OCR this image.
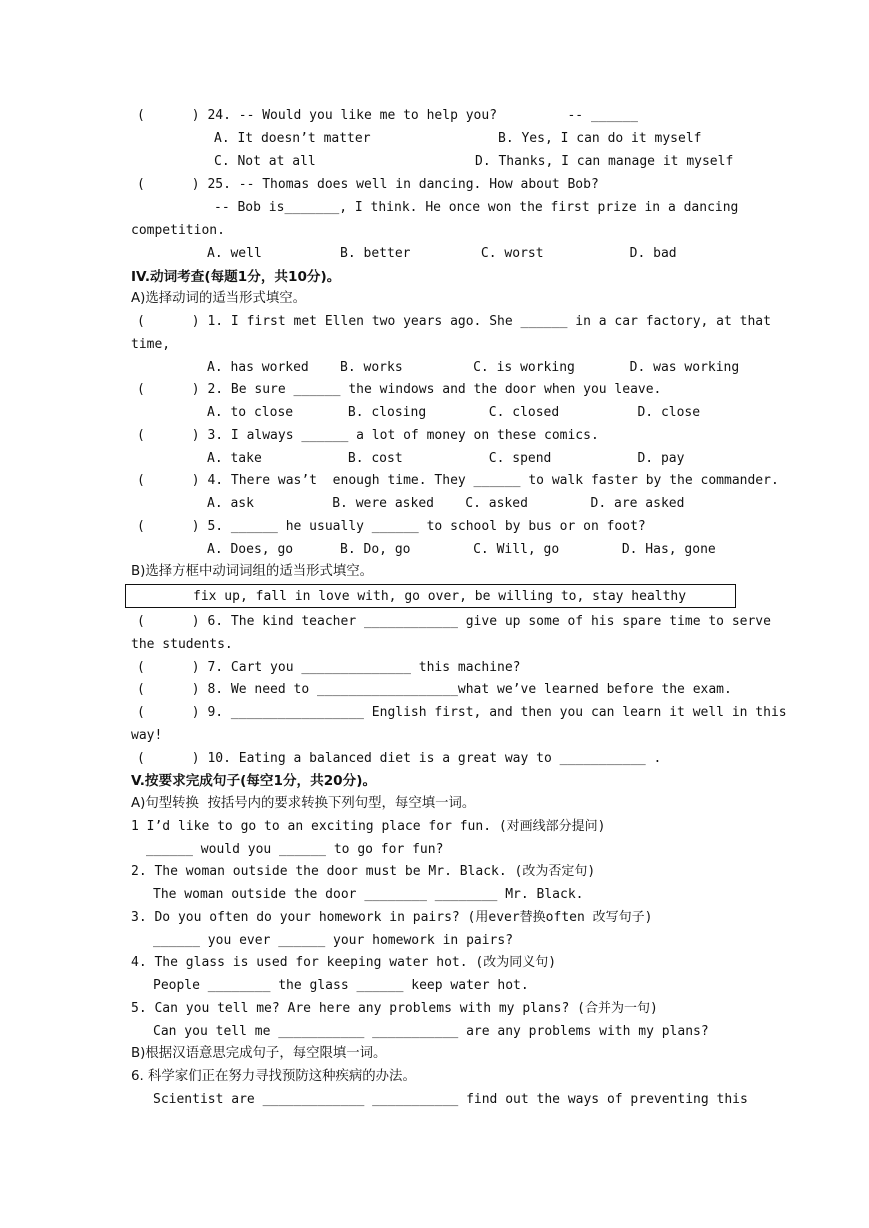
(      ) 24. -- Would you like me to help you?         -- ______
A. It doesn’t matter	B. Yes, I can do it myself
C. Not at all	D. Thanks, I can manage it myself
(      ) 25. -- Thomas does well in dancing. How about Bob?
-- Bob is_______, I think. He once won the first prize in a dancing
competition.
A. well          B. better         C. worst           D. bad
IV.动词考查(每题1分，共10分)。
A)选择动词的适当形式填空。
(      ) 1. I first met Ellen two years ago. She ______ in a car factory, at that
time,
A. has worked    B. works         C. is working       D. was working
(      ) 2. Be sure ______ the windows and the door when you leave.
A. to close       B. closing        C. closed          D. close
(      ) 3. I always ______ a lot of money on these comics.
A. take           B. cost           C. spend           D. pay
(      ) 4. There was’t  enough time. They ______ to walk faster by the commander.
A. ask          B. were asked    C. asked        D. are asked
(      ) 5. ______ he usually ______ to school by bus or on foot?
A. Does, go      B. Do, go        C. Will, go        D. Has, gone
B)选择方框中动词词组的适当形式填空。
fix up, fall in love with, go over, be willing to, stay healthy
(      ) 6. The kind teacher ____________ give up some of his spare time to serve
the students.
(      ) 7. Cart you ______________ this machine?
(      ) 8. We need to __________________what we’ve learned before the exam.
(      ) 9. _________________ English first, and then you can learn it well in this
way!
(      ) 10. Eating a balanced diet is a great way to ___________ .
V.按要求完成句子(每空1分，共20分)。
A)句型转换  按括号内的要求转换下列句型，每空填一词。
1 I’d like to go to an exciting place for fun. (对画线部分提问)
______ would you ______ to go for fun?
2. The woman outside the door must be Mr. Black. (改为否定句)
The woman outside the door ________ ________ Mr. Black.
3. Do you often do your homework in pairs? (用ever替换often 改写句子)
______ you ever ______ your homework in pairs?
4. The glass is used for keeping water hot. (改为同义句)
People ________ the glass ______ keep water hot.
5. Can you tell me? Are here any problems with my plans? (合并为一句)
Can you tell me ___________ ___________ are any problems with my plans?
B)根据汉语意思完成句子，每空限填一词。
6. 科学家们正在努力寻找预防这种疾病的办法。
Scientist are _____________ ___________ find out the ways of preventing this
